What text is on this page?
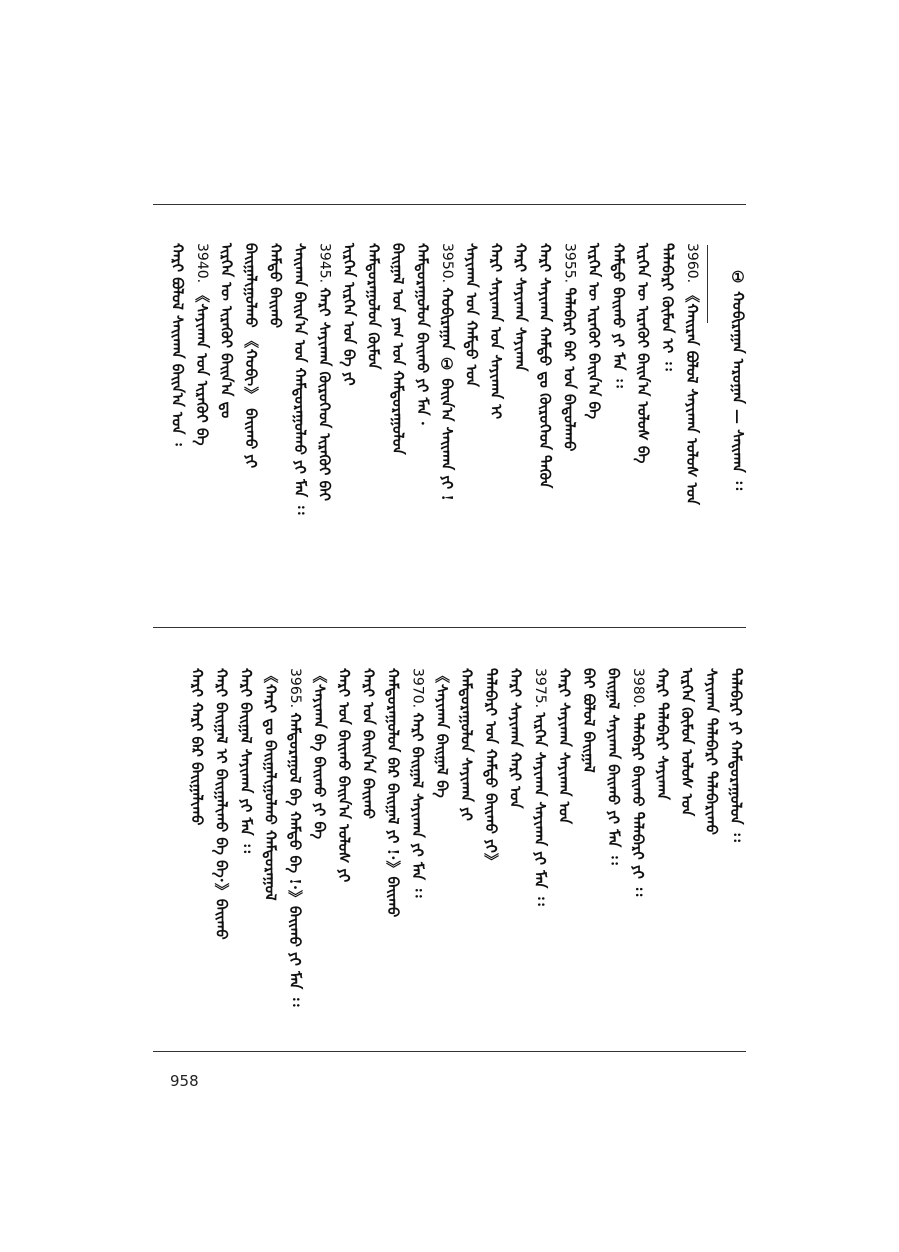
① ᠬᠤᠪᠢᠷᠠᠭᠠᠨ ᠠᠷᠤᠭᠠᠨ — ᠰᠠᠢᠬᠠᠨ ᠄᠄
3960. 《ᠬᠠᠢᠷᠠᠨ ᠪᠣᠯᠤᠯ ᠰᠠᠶᠢᠬᠠᠨ ᠤᠯᠤᠰ ᠤᠨ
ᠲᠠᠯᠠᠪᠠᠷᠢ ᠬᠦᠮᠦᠨ ᠢ ᠄᠄
ᠢᠷᠭᠡᠨ ᠦ ᠢᠷᠡᠭᠦᠢ ᠪᠠᠢᠨ᠎ᠠ ᠤᠯᠤᠰ ᠪᠠ
ᠬᠠᠮᠲᠤ ᠪᠠᠢᠬᠤ ᠶᠢ ᠮᠠᠨ ᠄᠄
ᠢᠷᠭᠡᠨ ᠦ ᠢᠷᠡᠭᠦᠢ ᠪᠠᠢᠨ᠎ᠠ ᠪᠠ
3955. ᠲᠠᠯᠠᠪᠠᠷᠢ ᠪᠠᠷ ᠤᠨ ᠪᠠᠲᠤᠯᠠᠬᠤ
ᠬᠠᠷᠢ ᠰᠠᠶᠢᠬᠠᠨ ᠬᠠᠮᠲᠤ ᠳᠤ ᠬᠦᠷᠦᠭᠡᠳ ᠲᠡᠭᠦᠨ
ᠬᠠᠷᠢ ᠰᠠᠶᠢᠬᠠᠨ ᠰᠠᠶᠢᠬᠠᠨ
ᠬᠠᠷᠢ ᠰᠠᠶᠢᠬᠠᠨ ᠤᠨ ᠰᠠᠶᠢᠬᠠᠨ ᠢ
ᠰᠠᠶᠢᠬᠠᠨ ᠤᠨ ᠬᠠᠮᠲᠤ ᠤᠨ
3950. ᠬᠤᠪᠢᠷᠠᠭᠠᠨ ① ᠪᠠᠢᠨ᠎ᠠ ᠰᠠᠢᠬᠠᠨ ᠶᠢ !
ᠬᠠᠮᠲᠤᠷᠠᠭᠤᠯᠤᠨ ᠪᠠᠢᠬᠤ ᠶᠢ ᠮᠠᠨ ·
ᠪᠠᠢᠭᠠᠯ ᠤᠨ ᠶᠠᠭ ᠤᠨ ᠬᠠᠮᠲᠤᠷᠠᠭᠤᠯᠤᠨ
ᠬᠠᠮᠲᠤᠷᠠᠭᠤᠯᠤᠨ ᠬᠦᠮᠦᠨ
ᠢᠷᠭᠡᠨ ᠢᠷᠭᠡᠨ ᠤᠨ ᠪᠠ ᠶᠢ
3945. ᠬᠠᠷᠢ ᠰᠠᠶᠢᠬᠠᠨ ᠬᠦᠷᠦᠭᠡᠳ ᠢᠷᠡᠭᠦᠢ ᠪᠠᠢ
ᠰᠠᠢᠬᠠᠨ ᠪᠠᠢᠨ᠎ᠠ ᠤᠨ ᠬᠠᠮᠲᠤᠷᠠᠭᠤᠯᠬᠤ ᠶᠢ ᠮᠠᠨ ᠄᠄
ᠬᠠᠮᠲᠤ ᠪᠠᠢᠬᠤ
ᠪᠠᠢᠭᠠᠯᠢᠭᠤᠯᠬᠤ 《ᠬᠤᠪᠢ》 ᠪᠠᠢᠬᠤ ᠶᠢ
ᠢᠷᠭᠡᠨ ᠦ ᠢᠷᠡᠭᠦᠢ ᠪᠠᠢᠨ᠎ᠠ ᠳᠤ
3940. 《ᠰᠠᠶᠢᠬᠠᠨ ᠤᠨ ᠢᠷᠡᠭᠦᠢ ᠪᠠ
ᠬᠠᠷᠢ ᠪᠣᠯᠤᠯ ᠰᠠᠢᠬᠠᠨ ᠪᠠᠢᠨ᠎ᠠ ᠤᠨ ᠄
ᠲᠠᠯᠠᠪᠠᠷᠢ ᠶᠢ ᠬᠠᠮᠲᠤᠷᠠᠭᠤᠯᠤᠨ ᠄᠄
ᠰᠠᠶᠢᠬᠠᠨ ᠲᠠᠯᠠᠪᠠᠷᠢ ᠲᠠᠯᠠᠪᠠᠷᠢᠬᠤ
ᠢᠷᠭᠡᠨ ᠬᠦᠮᠦᠨ ᠤᠯᠤᠰ ᠤᠨ
ᠬᠠᠷᠢ ᠲᠠᠯᠠᠪᠠᠷᠢ ᠰᠠᠶᠢᠬᠠᠨ
3980. ᠲᠠᠯᠠᠪᠠᠷᠢ ᠪᠠᠢᠬᠤ ᠲᠠᠯᠠᠪᠠᠷᠢ ᠶᠢ ᠄᠄
ᠪᠠᠢᠭᠠᠯ ᠰᠠᠶᠢᠬᠠᠨ ᠪᠠᠢᠬᠤ ᠶᠢ ᠮᠠᠨ ᠄᠄
ᠪᠠᠢ ᠪᠣᠯᠤᠯ ᠪᠠᠢᠭᠠᠯ
ᠬᠠᠷᠢ ᠰᠠᠶᠢᠬᠠᠨ ᠰᠠᠶᠢᠬᠠᠨ ᠤᠨ
3975. ᠢᠷᠭᠡᠨ ᠰᠠᠶᠢᠬᠠᠨ ᠰᠠᠶᠢᠬᠠᠨ ᠶᠢ ᠮᠠᠨ ᠄᠄
ᠬᠠᠷᠢ ᠰᠠᠶᠢᠬᠠᠨ ᠬᠠᠷᠢ ᠤᠨ
ᠲᠠᠯᠠᠪᠠᠷᠢ ᠤᠨ ᠬᠠᠮᠲᠤ ᠪᠠᠢᠬᠤ ᠶᠢ》
ᠬᠠᠮᠲᠤᠷᠠᠭᠤᠯᠤᠨ ᠰᠠᠶᠢᠬᠠᠨ ᠶᠢ
《ᠰᠠᠶᠢᠬᠠᠨ ᠪᠠᠢᠭᠠᠯ ᠪᠠ
3970. ᠬᠠᠷᠢ ᠪᠠᠢᠭᠠᠯ ᠰᠠᠶᠢᠬᠠᠨ ᠶᠢ ᠮᠠᠨ ᠄᠄
ᠬᠠᠮᠲᠤᠷᠠᠭᠤᠯᠤᠨ ᠪᠠᠷ ᠪᠠᠢᠭᠠᠯ ᠶᠢ !·》ᠪᠠᠢᠬᠤ
ᠬᠠᠷᠢ ᠤᠨ ᠪᠠᠢᠨ᠎ᠠ ᠪᠠᠢᠬᠤ
ᠬᠠᠷᠢ ᠤᠨ ᠪᠠᠢᠬᠤ ᠪᠠᠢᠨ᠎ᠠ ᠤᠯᠤᠰ ᠶᠢ
《ᠰᠠᠶᠢᠬᠠᠨ ᠪᠠ ᠪᠠᠢᠬᠤ ᠶᠢ ᠪᠠ
3965. ᠬᠠᠮᠲᠤᠷᠠᠭᠤᠯ ᠪᠠ ᠬᠠᠮᠲᠤ ᠪᠠ !·》ᠪᠠᠢᠬᠤ ᠶᠢ ᠮᠠᠨ ᠄᠄
《ᠬᠠᠷᠢ ᠳᠤ ᠪᠠᠢᠭᠠᠯᠢᠭᠤᠯᠬᠤ ᠬᠠᠮᠲᠤᠷᠠᠭᠤᠯ
ᠬᠠᠷᠢ ᠪᠠᠢᠭᠠᠯ ᠰᠠᠶᠢᠬᠠᠨ ᠶᠢ ᠮᠠᠨ ᠄᠄
ᠬᠠᠷᠢ ᠪᠠᠢᠭᠠᠯ ᠢ ᠪᠠᠢᠭᠠᠯᠢᠬᠤ ᠪᠠ ᠪᠠ·》ᠪᠠᠢᠬᠤ
ᠬᠠᠷᠢ ᠬᠠᠷᠢ ᠪᠠᠷ ᠪᠠᠢᠭᠠᠯᠢᠬᠤ
958
